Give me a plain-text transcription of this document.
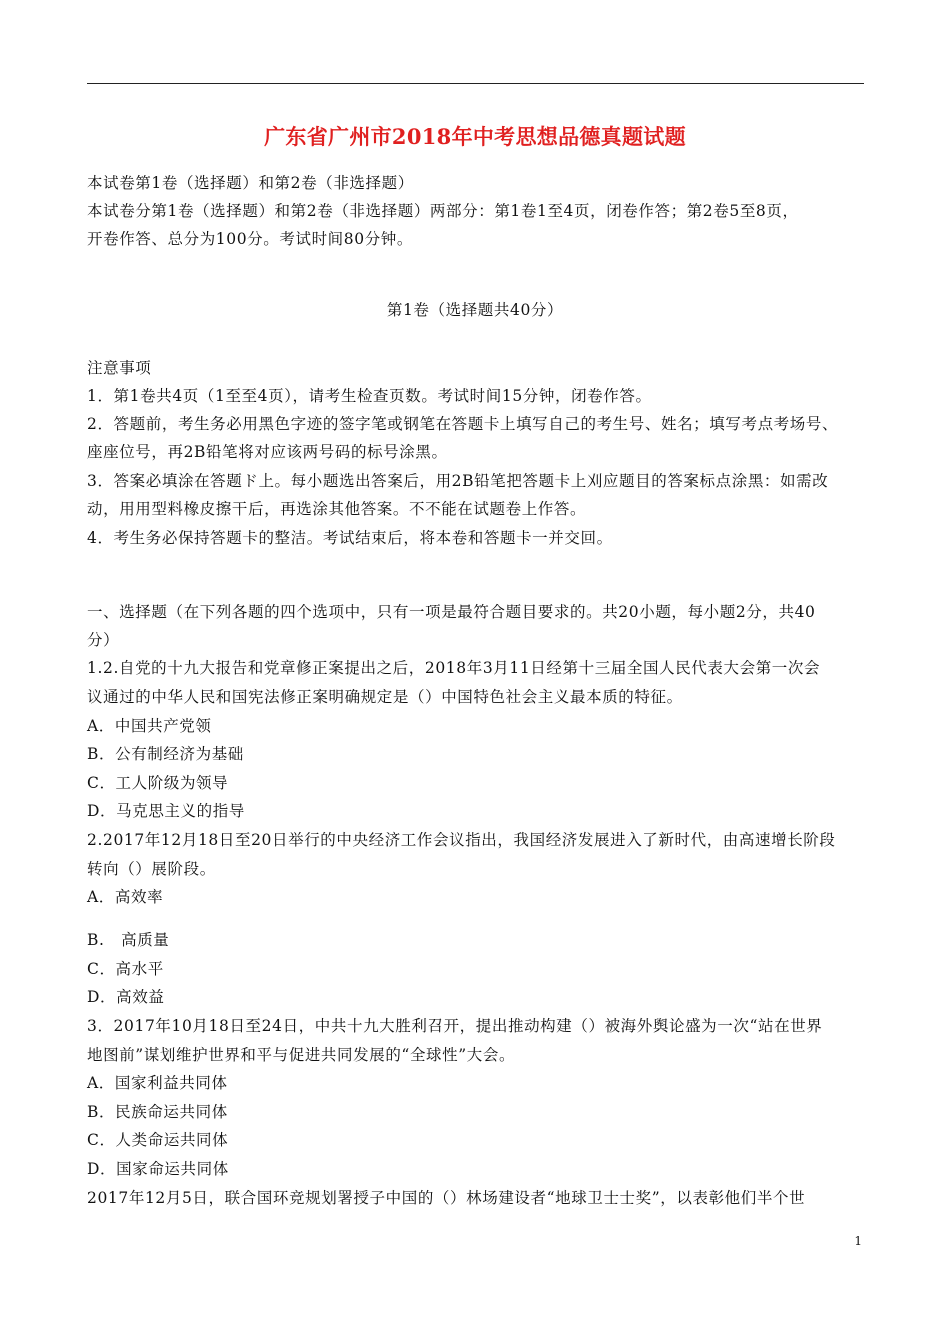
广东省广州市2018年中考思想品德真题试题
本试卷第1卷（选择题）和第2卷（非选择题）
本试卷分第1卷（选择题）和第2卷（非选择题）两部分：第1卷1至4页，闭卷作答；第2卷5至8页，
开卷作答、总分为100分。考试时间80分钟。
第1卷（选择题共40分）
注意事项
1．第1卷共4页（1至至4页），请考生检查页数。考试时间15分钟，闭卷作答。
2．答题前，考生务必用黑色字迹的签字笔或钢笔在答题卡上填写自己的考生号、姓名；填写考点考场号、
座座位号，再2B铅笔将对应该两号码的标号涂黑。
3．答案必填涂在答题ド上。每小题选出答案后，用2B铅笔把答题卡上刈应题目的答案标点涂黑：如需改
动，用用型料橡皮擦干后，再选涂其他答案。不不能在试题卷上作答。
4．考生务必保持答题卡的整洁。考试结束后，将本卷和答题卡一并交回。
一、选择题（在下列各题的四个选项中，只有一项是最符合题目要求的。共20小题，每小题2分，共40
分）
1.2.自党的十九大报告和党章修正案提出之后，2018年3月11日经第十三届全国人民代表大会第一次会
议通过的中华人民和国宪法修正案明确规定是（）中国特色社会主义最本质的特征。
A．中国共产党领
B．公有制经济为基础
C．工人阶级为领导
D．马克思主义的指导
2.2017年12月18日至20日举行的中央经济工作会议指出，我国经济发展进入了新时代，由高速增长阶段
转向（）展阶段。
A．高效率
B.   高质量
C．高水平
D．高效益
3．2017年10月18日至24日，中共十九大胜利召开，提出推动构建（）被海外舆论盛为一次“站在世界
地图前”谋划维护世界和平与促进共同发展的“全球性”大会。
A．国家利益共同体
B．民族命运共同体
C．人类命运共同体
D．国家命运共同体
2017年12月5日，联合国环竞规划署授子中国的（）林场建设者“地球卫士士奖”，以表彰他们半个世
1
